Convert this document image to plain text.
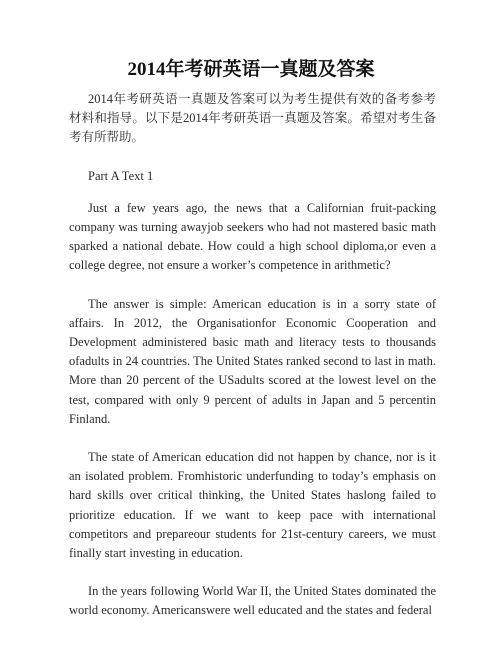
2014年考研英语一真题及答案

2014年考研英语一真题及答案可以为考生提供有效的备考参考材料和指导。以下是2014年考研英语一真题及答案。希望对考生备考有所帮助。

Part A Text 1

Just a few years ago, the news that a Californian fruit-packing company was turning awayjob seekers who had not mastered basic math sparked a national debate. How could a high school diploma,or even a college degree, not ensure a worker’s competence in arithmetic?

The answer is simple: American education is in a sorry state of affairs. In 2012, the Organisationfor Economic Cooperation and Development administered basic math and literacy tests to thousands ofadults in 24 countries. The United States ranked second to last in math. More than 20 percent of the USadults scored at the lowest level on the test, compared with only 9 percent of adults in Japan and 5 percentin Finland.

The state of American education did not happen by chance, nor is it an isolated problem. Fromhistoric underfunding to today’s emphasis on hard skills over critical thinking, the United States haslong failed to prioritize education. If we want to keep pace with international competitors and prepareour students for 21st-century careers, we must finally start investing in education.

In the years following World War II, the United States dominated the world economy. Americanswere well educated and the states and federal
